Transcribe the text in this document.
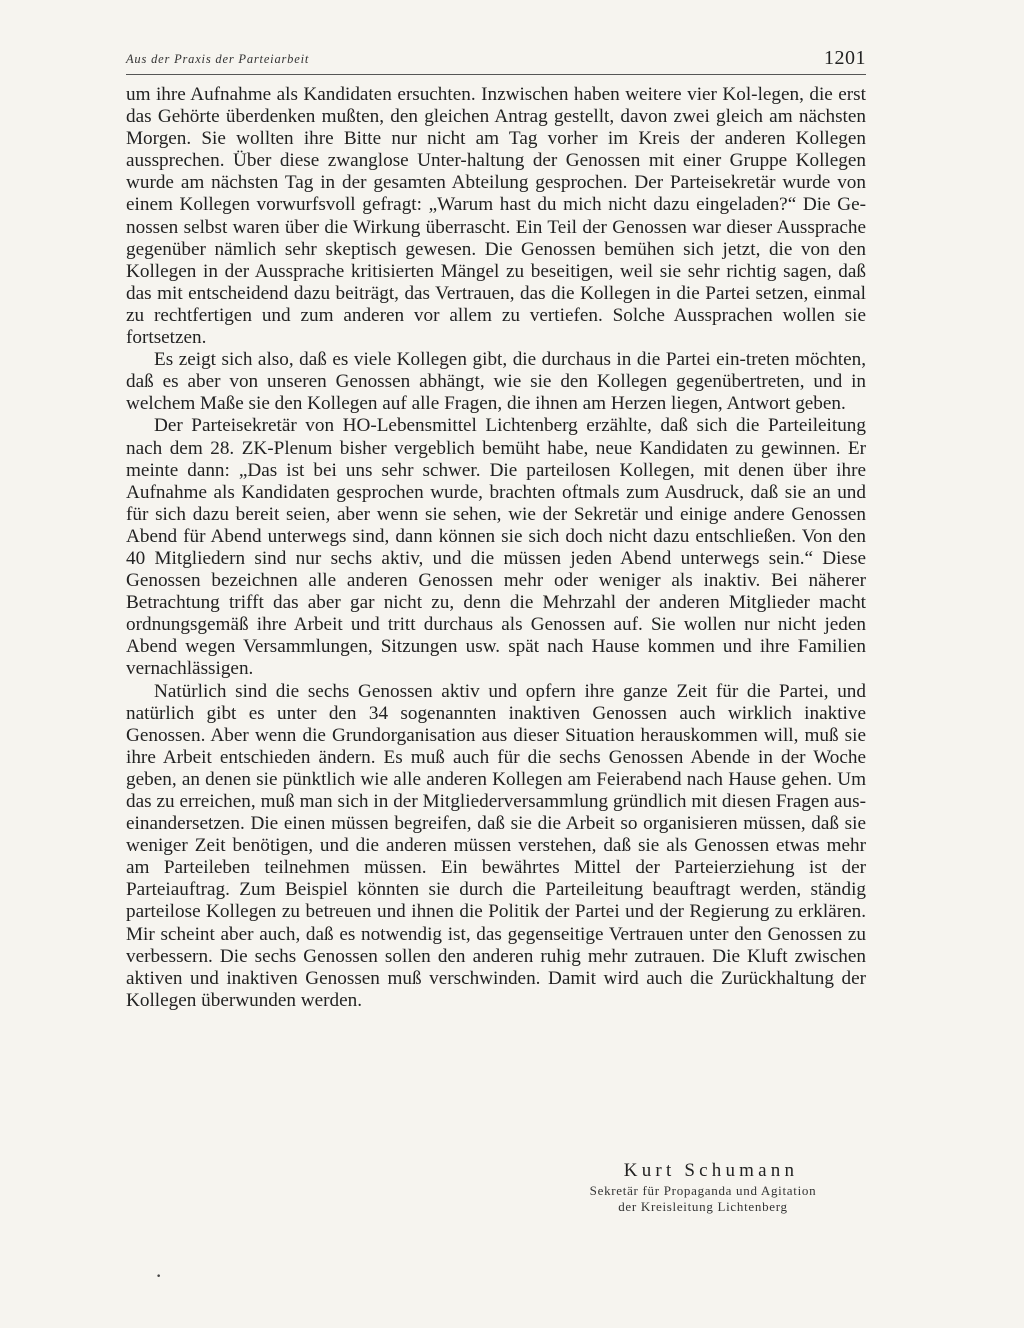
Aus der Praxis der Parteiarbeit	1201

um ihre Aufnahme als Kandidaten ersuchten. Inzwischen haben weitere vier Kol-legen, die erst das Gehörte überdenken mußten, den gleichen Antrag gestellt, davon zwei gleich am nächsten Morgen. Sie wollten ihre Bitte nur nicht am Tag vorher im Kreis der anderen Kollegen aussprechen. Über diese zwanglose Unter-haltung der Genossen mit einer Gruppe Kollegen wurde am nächsten Tag in der gesamten Abteilung gesprochen. Der Parteisekretär wurde von einem Kollegen vorwurfsvoll gefragt: „Warum hast du mich nicht dazu eingeladen?“ Die Ge-nossen selbst waren über die Wirkung überrascht. Ein Teil der Genossen war dieser Aussprache gegenüber nämlich sehr skeptisch gewesen. Die Genossen bemühen sich jetzt, die von den Kollegen in der Aussprache kritisierten Mängel zu beseitigen, weil sie sehr richtig sagen, daß das mit entscheidend dazu beiträgt, das Vertrauen, das die Kollegen in die Partei setzen, einmal zu rechtfertigen und zum anderen vor allem zu vertiefen. Solche Aussprachen wollen sie fortsetzen.

Es zeigt sich also, daß es viele Kollegen gibt, die durchaus in die Partei ein-treten möchten, daß es aber von unseren Genossen abhängt, wie sie den Kollegen gegenübertreten, und in welchem Maße sie den Kollegen auf alle Fragen, die ihnen am Herzen liegen, Antwort geben.

Der Parteisekretär von HO-Lebensmittel Lichtenberg erzählte, daß sich die Parteileitung nach dem 28. ZK-Plenum bisher vergeblich bemüht habe, neue Kandidaten zu gewinnen. Er meinte dann: „Das ist bei uns sehr schwer. Die parteilosen Kollegen, mit denen über ihre Aufnahme als Kandidaten gesprochen wurde, brachten oftmals zum Ausdruck, daß sie an und für sich dazu bereit seien, aber wenn sie sehen, wie der Sekretär und einige andere Genossen Abend für Abend unterwegs sind, dann können sie sich doch nicht dazu entschließen. Von den 40 Mitgliedern sind nur sechs aktiv, und die müssen jeden Abend unterwegs sein.“ Diese Genossen bezeichnen alle anderen Genossen mehr oder weniger als inaktiv. Bei näherer Betrachtung trifft das aber gar nicht zu, denn die Mehrzahl der anderen Mitglieder macht ordnungsgemäß ihre Arbeit und tritt durchaus als Genossen auf. Sie wollen nur nicht jeden Abend wegen Versammlungen, Sitzungen usw. spät nach Hause kommen und ihre Familien vernachlässigen.

Natürlich sind die sechs Genossen aktiv und opfern ihre ganze Zeit für die Partei, und natürlich gibt es unter den 34 sogenannten inaktiven Genossen auch wirklich inaktive Genossen. Aber wenn die Grundorganisation aus dieser Situation herauskommen will, muß sie ihre Arbeit entschieden ändern. Es muß auch für die sechs Genossen Abende in der Woche geben, an denen sie pünktlich wie alle anderen Kollegen am Feierabend nach Hause gehen. Um das zu erreichen, muß man sich in der Mitgliederversammlung gründlich mit diesen Fragen aus-einandersetzen. Die einen müssen begreifen, daß sie die Arbeit so organisieren müssen, daß sie weniger Zeit benötigen, und die anderen müssen verstehen, daß sie als Genossen etwas mehr am Parteileben teilnehmen müssen. Ein bewährtes Mittel der Parteierziehung ist der Parteiauftrag. Zum Beispiel könnten sie durch die Parteileitung beauftragt werden, ständig parteilose Kollegen zu betreuen und ihnen die Politik der Partei und der Regierung zu erklären. Mir scheint aber auch, daß es notwendig ist, das gegenseitige Vertrauen unter den Genossen zu verbessern. Die sechs Genossen sollen den anderen ruhig mehr zutrauen. Die Kluft zwischen aktiven und inaktiven Genossen muß verschwinden. Damit wird auch die Zurückhaltung der Kollegen überwunden werden.

Kurt Schumann
Sekretär für Propaganda und Agitation
der Kreisleitung Lichtenberg
•
